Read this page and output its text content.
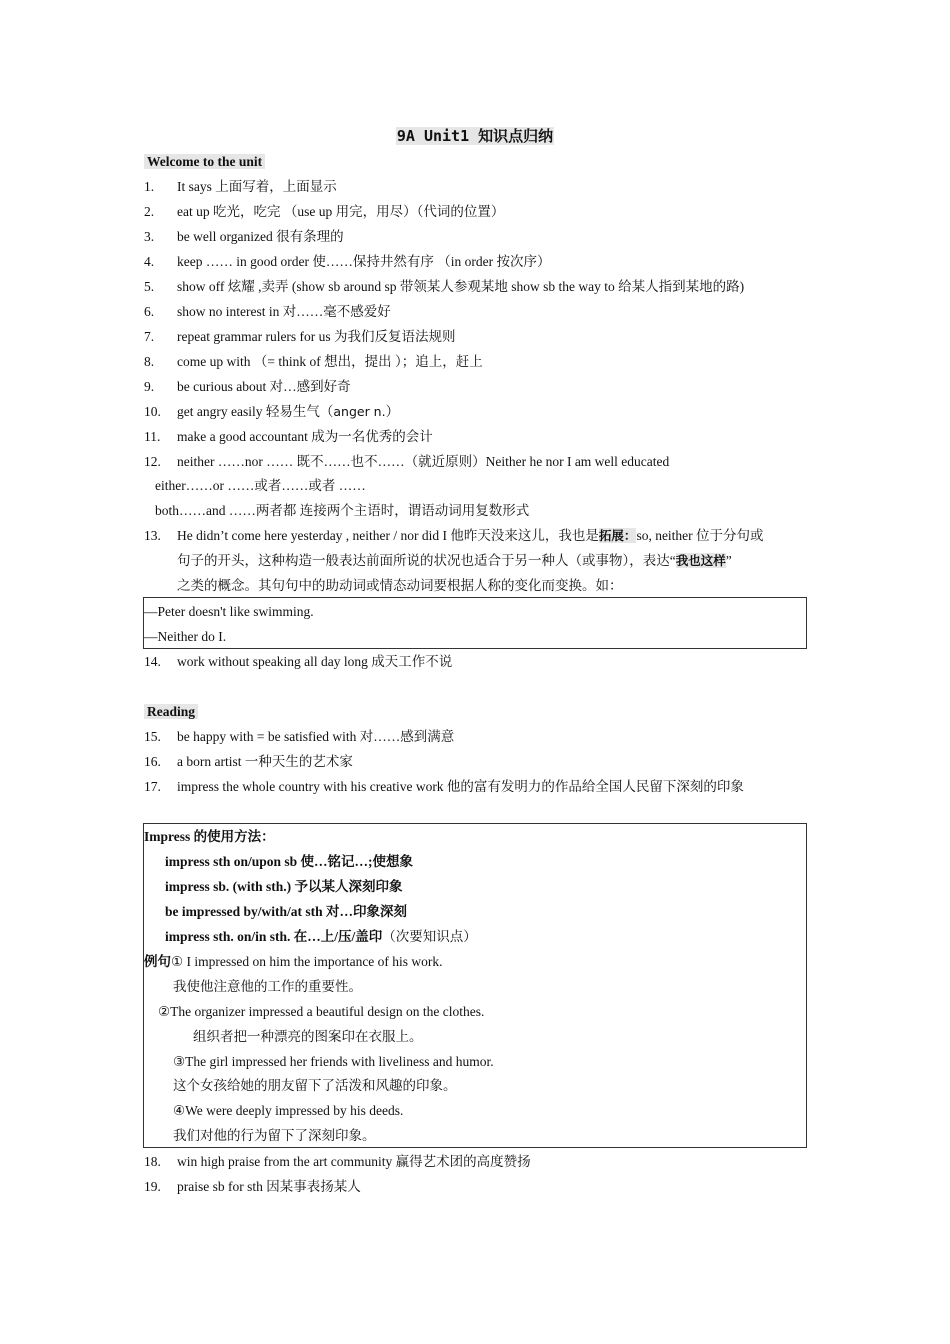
9A Unit1 知识点归纳
Welcome to the unit
1. It says 上面写着，上面显示
2. eat up 吃光，吃完 （use up 用完，用尽）（代词的位置）
3. be well organized 很有条理的
4. keep …… in good order 使……保持井然有序 （in order 按次序）
5. show off 炫耀 ,卖弄 (show sb around sp 带领某人参观某地 show sb the way to 给某人指到某地的路)
6. show no interest in 对……毫不感爱好
7. repeat grammar rulers for us 为我们反复语法规则
8. come up with （= think of 想出，提出 ）；追上，赶上
9. be curious about 对…感到好奇
10. get angry easily 轻易生气（anger n.）
11. make a good accountant 成为一名优秀的会计
12. neither ……nor …… 既不……也不……（就近原则）Neither he nor I am well educated
either……or ……或者……或者 ……
both……and ……两者都 连接两个主语时，谓语动词用复数形式
13. He didn’t come here yesterday , neither / nor did I 他昨天没来这儿，我也是拓展：so, neither 位于分句或
句子的开头，这种构造一般表达前面所说的状况也适合于另一种人（或事物），表达“我也这样”
之类的概念。其句句中的助动词或情态动词要根据人称的变化而变换。如：
—Peter doesn't like swimming.
—Neither do I.
14. work without speaking all day long 成天工作不说
Reading
15. be happy with = be satisfied with 对……感到满意
16. a born artist 一种天生的艺术家
17. impress the whole country with his creative work 他的富有发明力的作品给全国人民留下深刻的印象
Impress 的使用方法：
impress sth on/upon sb 使…铭记…;使想象
impress sb. (with sth.) 予以某人深刻印象
be impressed by/with/at sth 对…印象深刻
impress sth. on/in sth. 在…上/压/盖印（次要知识点）
例句① I impressed on him the importance of his work.
我使他注意他的工作的重要性。
②The organizer impressed a beautiful design on the clothes.
组织者把一种漂亮的图案印在衣服上。
③The girl impressed her friends with liveliness and humor.
这个女孩给她的朋友留下了活泼和风趣的印象。
④We were deeply impressed by his deeds.
我们对他的行为留下了深刻印象。
18. win high praise from the art community 赢得艺术团的高度赞扬
19. praise sb for sth 因某事表扬某人
